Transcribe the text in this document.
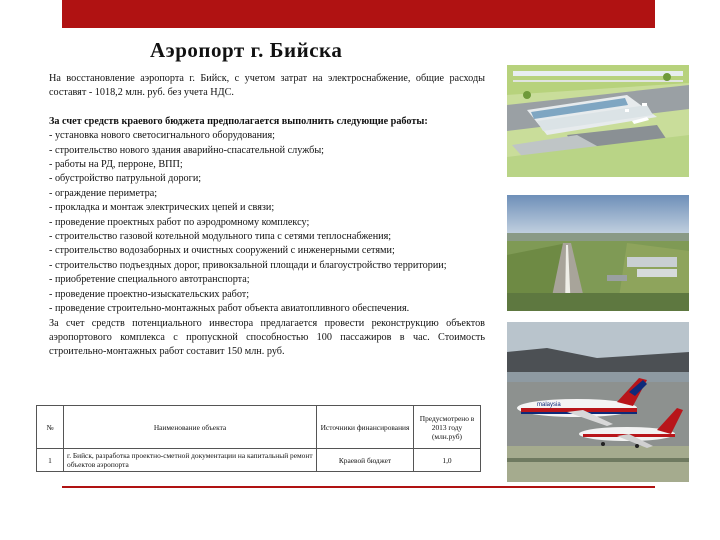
Аэропорт г. Бийска

На восстановление аэропорта г. Бийск, с учетом затрат на электроснабжение, общие расходы составят - 1018,2 млн. руб. без учета НДС.

За счет средств краевого бюджета предполагается выполнить следующие работы:

- установка нового светосигнального оборудования;

- строительство нового здания аварийно-спасательной службы;

- работы на РД, перроне, ВПП;

- обустройство патрульной дороги;

- ограждение периметра;

- прокладка и монтаж электрических цепей и связи;

- проведение проектных работ по аэродромному комплексу;

- строительство газовой котельной модульного типа с сетями теплоснабжения;

- строительство водозаборных и очистных сооружений с инженерными сетями;

- строительство подъездных дорог, привокзальной площади и благоустройство территории;

- приобретение специального автотранспорта;

- проведение проектно-изыскательских работ;

- проведение строительно-монтажных работ объекта авиатопливного обеспечения.

За счет средств потенциального инвестора предлагается провести реконструкцию объектов аэропортового комплекса с пропускной способностью 100 пассажиров в час. Стоимость строительно-монтажных работ составит 150 млн. руб.

malaysia
№	Наименование объекта	Источники финансирования	Предусмотрено в 2013 году (млн.руб)
1	г. Бийск, разработка проектно-сметной документации на капитальный ремонт объектов аэропорта	Краевой бюджет	1,0
